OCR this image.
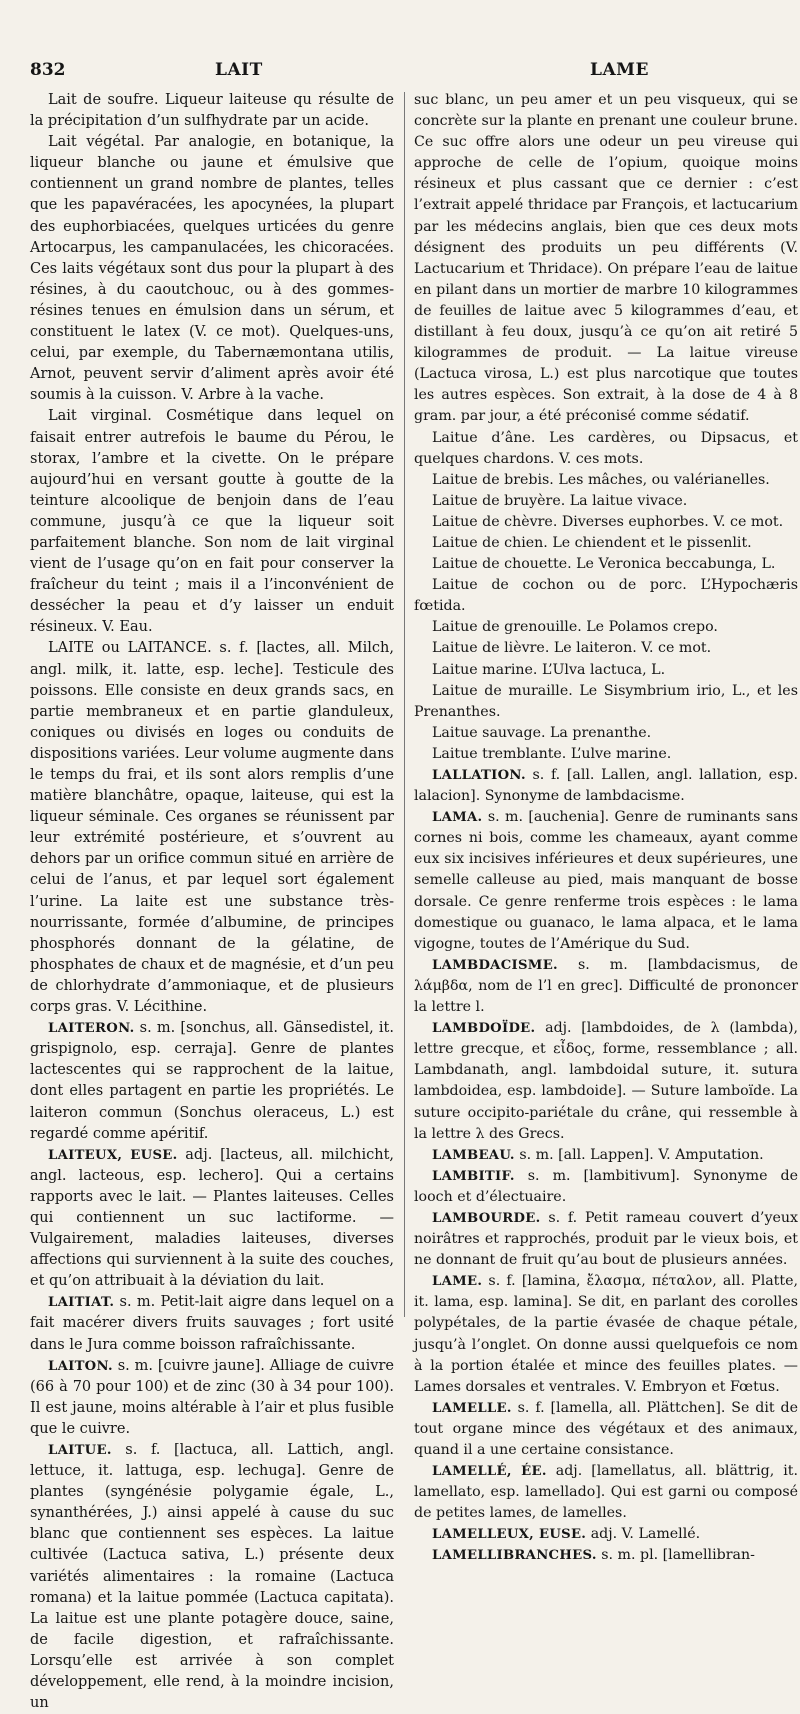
832	LAIT	LAME

Lait de soufre. Liqueur laiteuse qu résulte de la précipitation d’un sulfhydrate par un acide.

Lait végétal. Par analogie, en botanique, la liqueur blanche ou jaune et émulsive que contiennent un grand nombre de plantes, telles que les papavéracées, les apocynées, la plupart des euphorbiacées, quelques urticées du genre Artocarpus, les campanulacées, les chicoracées. Ces laits végétaux sont dus pour la plupart à des résines, à du caoutchouc, ou à des gommes-résines tenues en émulsion dans un sérum, et constituent le latex (V. ce mot). Quelques-uns, celui, par exemple, du Tabernæmontana utilis, Arnot, peuvent servir d’aliment après avoir été soumis à la cuisson. V. Arbre à la vache.

Lait virginal. Cosmétique dans lequel on faisait entrer autrefois le baume du Pérou, le storax, l’ambre et la civette. On le prépare aujourd’hui en versant goutte à goutte de la teinture alcoolique de benjoin dans de l’eau commune, jusqu’à ce que la liqueur soit parfaitement blanche. Son nom de lait virginal vient de l’usage qu’on en fait pour conserver la fraîcheur du teint ; mais il a l’inconvénient de dessécher la peau et d’y laisser un enduit résineux. V. Eau.

LAITE ou LAITANCE. s. f. [lactes, all. Milch, angl. milk, it. latte, esp. leche]. Testicule des poissons. Elle consiste en deux grands sacs, en partie membraneux et en partie glanduleux, coniques ou divisés en loges ou conduits de dispositions variées. Leur volume augmente dans le temps du frai, et ils sont alors remplis d’une matière blanchâtre, opaque, laiteuse, qui est la liqueur séminale. Ces organes se réunissent par leur extrémité postérieure, et s’ouvrent au dehors par un orifice commun situé en arrière de celui de l’anus, et par lequel sort également l’urine. La laite est une substance très-nourrissante, formée d’albumine, de principes phosphorés donnant de la gélatine, de phosphates de chaux et de magnésie, et d’un peu de chlorhydrate d’ammoniaque, et de plusieurs corps gras. V. Lécithine.

LAITERON. s. m. [sonchus, all. Gänsedistel, it. grispignolo, esp. cerraja]. Genre de plantes lactescentes qui se rapprochent de la laitue, dont elles partagent en partie les propriétés. Le laiteron commun (Sonchus oleraceus, L.) est regardé comme apéritif.

LAITEUX, EUSE. adj. [lacteus, all. milchicht, angl. lacteous, esp. lechero]. Qui a certains rapports avec le lait. — Plantes laiteuses. Celles qui contiennent un suc lactiforme. — Vulgairement, maladies laiteuses, diverses affections qui surviennent à la suite des couches, et qu’on attribuait à la déviation du lait.

LAITIAT. s. m. Petit-lait aigre dans lequel on a fait macérer divers fruits sauvages ; fort usité dans le Jura comme boisson rafraîchissante.

LAITON. s. m. [cuivre jaune]. Alliage de cuivre (66 à 70 pour 100) et de zinc (30 à 34 pour 100). Il est jaune, moins altérable à l’air et plus fusible que le cuivre.

LAITUE. s. f. [lactuca, all. Lattich, angl. lettuce, it. lattuga, esp. lechuga]. Genre de plantes (syngénésie polygamie égale, L., synanthérées, J.) ainsi appelé à cause du suc blanc que contiennent ses espèces. La laitue cultivée (Lactuca sativa, L.) présente deux variétés alimentaires : la romaine (Lactuca romana) et la laitue pommée (Lactuca capitata). La laitue est une plante potagère douce, saine, de facile digestion, et rafraîchissante. Lorsqu’elle est arrivée à son complet développement, elle rend, à la moindre incision, un

suc blanc, un peu amer et un peu visqueux, qui se concrète sur la plante en prenant une couleur brune. Ce suc offre alors une odeur un peu vireuse qui approche de celle de l’opium, quoique moins résineux et plus cassant que ce dernier : c’est l’extrait appelé thridace par François, et lactucarium par les médecins anglais, bien que ces deux mots désignent des produits un peu différents (V. Lactucarium et Thridace). On prépare l’eau de laitue en pilant dans un mortier de marbre 10 kilogrammes de feuilles de laitue avec 5 kilogrammes d’eau, et distillant à feu doux, jusqu’à ce qu’on ait retiré 5 kilogrammes de produit. — La laitue vireuse (Lactuca virosa, L.) est plus narcotique que toutes les autres espèces. Son extrait, à la dose de 4 à 8 gram. par jour, a été préconisé comme sédatif.

Laitue d’âne. Les cardères, ou Dipsacus, et quelques chardons. V. ces mots.

Laitue de brebis. Les mâches, ou valérianelles.

Laitue de bruyère. La laitue vivace.

Laitue de chèvre. Diverses euphorbes. V. ce mot.

Laitue de chien. Le chiendent et le pissenlit.

Laitue de chouette. Le Veronica beccabunga, L.

Laitue de cochon ou de porc. L’Hypochæris fœtida.

Laitue de grenouille. Le Polamos crepo.

Laitue de lièvre. Le laiteron. V. ce mot.

Laitue marine. L’Ulva lactuca, L.

Laitue de muraille. Le Sisymbrium irio, L., et les Prenanthes.

Laitue sauvage. La prenanthe.

Laitue tremblante. L’ulve marine.

LALLATION. s. f. [all. Lallen, angl. lallation, esp. lalacion]. Synonyme de lambdacisme.

LAMA. s. m. [auchenia]. Genre de ruminants sans cornes ni bois, comme les chameaux, ayant comme eux six incisives inférieures et deux supérieures, une semelle calleuse au pied, mais manquant de bosse dorsale. Ce genre renferme trois espèces : le lama domestique ou guanaco, le lama alpaca, et le lama vigogne, toutes de l’Amérique du Sud.

LAMBDACISME. s. m. [lambdacismus, de λάμβδα, nom de l’l en grec]. Difficulté de prononcer la lettre l.

LAMBDOÏDE. adj. [lambdoides, de λ (lambda), lettre grecque, et εἶδος, forme, ressemblance ; all. Lambdanath, angl. lambdoidal suture, it. sutura lambdoidea, esp. lambdoide]. — Suture lamboïde. La suture occipito-pariétale du crâne, qui ressemble à la lettre λ des Grecs.

LAMBEAU. s. m. [all. Lappen]. V. Amputation.

LAMBITIF. s. m. [lambitivum]. Synonyme de looch et d’électuaire.

LAMBOURDE. s. f. Petit rameau couvert d’yeux noirâtres et rapprochés, produit par le vieux bois, et ne donnant de fruit qu’au bout de plusieurs années.

LAME. s. f. [lamina, ἔλασμα, πέταλον, all. Platte, it. lama, esp. lamina]. Se dit, en parlant des corolles polypétales, de la partie évasée de chaque pétale, jusqu’à l’onglet. On donne aussi quelquefois ce nom à la portion étalée et mince des feuilles plates. — Lames dorsales et ventrales. V. Embryon et Fœtus.

LAMELLE. s. f. [lamella, all. Plättchen]. Se dit de tout organe mince des végétaux et des animaux, quand il a une certaine consistance.

LAMELLÉ, ÉE. adj. [lamellatus, all. blättrig, it. lamellato, esp. lamellado]. Qui est garni ou composé de petites lames, de lamelles.

LAMELLEUX, EUSE. adj. V. Lamellé.

LAMELLIBRANCHES. s. m. pl. [lamellibran-
